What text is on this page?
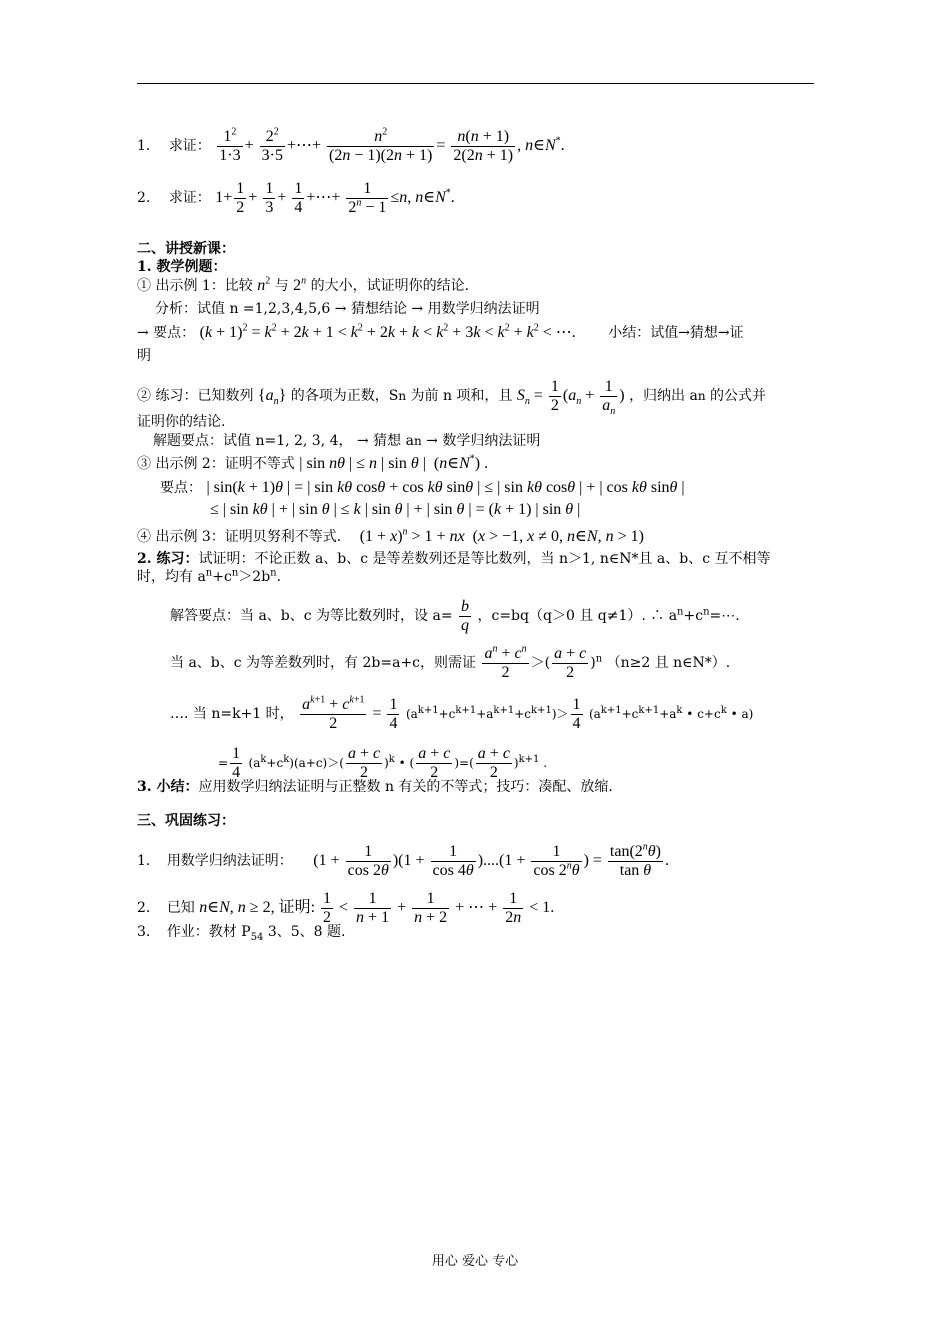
1. 求证： $\frac{1^2}{1\cdot 3} + \frac{2^2}{3\cdot 5}$ +⋯+ $\frac{n^2}{(2n - 1)(2n + 1)} = \frac{n(n + 1)}{2(2n + 1)}$ , n∈N*.
2. 求证： $1+ \frac{1}{2} + \frac{1}{3} + \frac{1}{4}$ +⋯+ $\frac{1}{2^n - 1} \le n$, n∈N*.
二、讲授新课：
1. 教学例题：
① 出示例 1：比较 $n^2$ 与 2$^n$ 的大小，试证明你的结论.
分析：试值 n =1,2,3,4,5,6 → 猜想结论 → 用数学归纳法证明
→ 要点： $(k + 1)^2 = k^2 + 2k + 1 < k^2 + 2k + k < k^2 + 3k < k^2 + k^2$ < ⋯. 小结：试值→猜想→证
明
② 练习：已知数列 $\{a_n\}$ 的各项为正数，Sn 为前 n 项和，且 $S_n = \frac{1}{2} (a_n + \frac{1}{a_n}$ ) ，归纳出 an 的公式并
证明你的结论.
解题要点：试值 n=1, 2, 3, 4， → 猜想 an → 数学归纳法证明
③ 出示例 2：证明不等式 | sin nθ | ≤ n | sin θ |  (n∈N*) .
要点： | sin(k + 1)θ | = | sin kθ cosθ + cos kθ sinθ | ≤ | sin kθ cosθ | + | cos kθ sinθ |
≤ | sin kθ | + | sin θ | ≤ k | sin θ | + | sin θ | = (k + 1) | sin θ |
④ 出示例 3：证明贝努利不等式. $(1 + x)^n > 1$ + nx  (x > −1, x ≠ 0, n∈N, n > 1)
2. 练习：试证明：不论正数 a、b、c 是等差数列还是等比数列，当 n＞1, n∈N*且 a、b、c 互不相等
时，均有 $a^n+c^n>2b^n$.
解答要点：当 a、b、c 为等比数列时，设 $a= \frac{b}{q}$ ，c=bq（q＞0 且 q≠1）. ∴ $a^n+c^n=\cdots$.
当 a、b、c 为等差数列时，有 2b=a+c，则需证 $\frac{a^n + c^n}{2}$ ＞( $\frac{a + c}{2} )^n$ （n≥2 且 n∈N*）.
…. 当 n=k+1 时， $\frac{a^{k+1} + c^{k+1}}{2} = \frac{1}{4} (a^{k+1}+c^{k+1}+a^{k+1}+c^{k+1})> \frac{1}{4} (a^{k+1}+c^{k+1}+a^k$ • $c+c^k$ • a)
= $\frac{1}{4} (a^k+c^k)(a+c)>( \frac{a + c}{2} )^k$ • ( $\frac{a + c}{2}$ )=( $\frac{a + c}{2} )^{k+1}$ .
3. 小结：应用数学归纳法证明与正整数 n 有关的不等式；技巧：凑配、放缩.
三、巩固练习：
1. 用数学归纳法证明： $(1 + \frac{1}{\cos 2\theta} )(1 + \frac{1}{\cos 4\theta} )....(1 + \frac{1}{\cos 2^n\theta}$ ) = $\frac{\tan(2^n\theta)}{\text{tan θ}}$ .
2. 已知 n∈N, n ≥ 2, 证明: $\frac{1}{2} < \frac{1}{n + 1} + \frac{1}{n + 2}$ + ⋯ + $\frac{1}{2n} < 1$.
3. 作业：教材 $P_{54}$ 3、5、8 题.
用心 爱心 专心
